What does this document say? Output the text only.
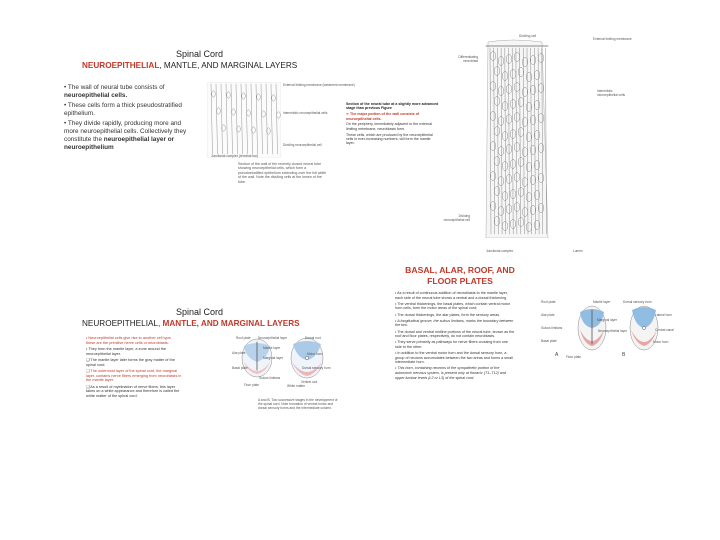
Spinal Cord
NEUROEPITHELIAL, MANTLE, AND MARGINAL LAYERS

• The wall of neural tube consists of neuroepithelial cells.

• These cells form a thick pseudostratified epithelium.

• They divide rapidly, producing more and more neuroepithelial cells. Collectively they constitute the neuroepithelial layer or neuroepithelium

External limiting membrane (basement membrane)
Intermitotic neuroepithelial cells
Dividing neuroepithelial cell
Junctional complex (terminal bar)
Section of the wall of the recently closed neural tube showing neuroepithelial cells, which form a pseudostratified epithelium extending over the full width of the wall. Note the dividing cells at the lumen of the tube.

Section of the neural tube at a slightly more advanced stage than previous Figure

➢ The major portion of the wall consists of neuroepithelial cells.

On the periphery, immediately adjacent to the external limiting membrane, neuroblasts form.

These cells, which are produced by the neuroepithelial cells in ever-increasing numbers, will form the mantle layer.

Dividing cell
External limiting membrane
Differentiating neuroblast
Intermitotic neuroepithelial cells
Dividing neuroepithelial cell
Junctional complex	Lumen
Spinal Cord
NEUROEPITHELIAL, MANTLE, AND MARGINAL LAYERS

• Neuroepithelial cells give rise to another cell type, these are the primitive nerve cells or neuroblasts.

• They form the mantle layer, a zone around the neuroepithelial layer.

❑ The mantle layer later forms the gray matter of the spinal cord.

❑ The outermost layer of the spinal cord, the marginal layer, contains nerve fibers emerging from neuroblasts in the mantle layer.

❑ As a result of myelination of nerve fibers, this layer takes on a white appearance and therefore is called the white matter of the spinal cord.

Roof plate
Alar plate
Basal plate
Floor plate
Neuroepithelial layer
Mantle layer
Marginal layer
Sulcus limitans
Dorsal root
Motor horn
Ventral root
Dorsal sensory horn
White matter
A and B. Two successive stages in the development of the spinal cord. Note formation of ventral motor and dorsal sensory horns and the intermediate column.
BASAL, ALAR, ROOF, AND
FLOOR PLATES

• As a result of continuous addition of neuroblasts to the mantle layer, each side of the neural tube shows a ventral and a dorsal thickening.

• The ventral thickenings, the basal plates, which contain ventral motor horn cells, form the motor areas of the spinal cord;

• The dorsal thickenings, the alar plates, form the sensory areas.

• A longitudinal groove, the sulcus limitans, marks the boundary between the two.

• The dorsal and ventral midline portions of the neural tube, known as the roof and floor plates, respectively, do not contain neuroblasts.

• They serve primarily as pathways for nerve fibers crossing from one side to the other.

• In addition to the ventral motor horn and the dorsal sensory horn, a group of neurons accumulates between the two areas and forms a small intermediate horn.

• This horn, containing neurons of the sympathetic portion of the autonomic nervous system, is present only at thoracic (T1–T12) and upper lumbar levels (L2 or L3) of the spinal cord.

Roof plate
Alar plate
Mantle layer
Marginal layer
Sulcus limitans
Neuroepithelial layer
Basal plate
Floor plate
Dorsal sensory horn
Lateral horn
Motor horn
Central canal
A	B
